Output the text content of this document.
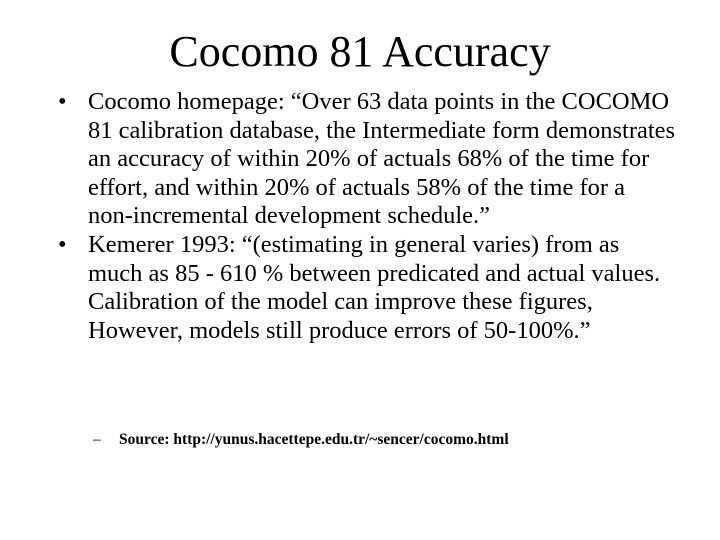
Cocomo 81 Accuracy
• Cocomo homepage: “Over 63 data points in the COCOMO 81 calibration database, the Intermediate form demonstrates an accuracy of within 20% of actuals 68% of the time for effort, and within 20% of actuals 58% of the time for a non-incremental development schedule.”
• Kemerer 1993: “(estimating in general varies) from as much as 85 - 610 % between predicated and actual values. Calibration of the model can improve these figures, However, models still produce errors of 50-100%.”
– Source: http://yunus.hacettepe.edu.tr/~sencer/cocomo.html
